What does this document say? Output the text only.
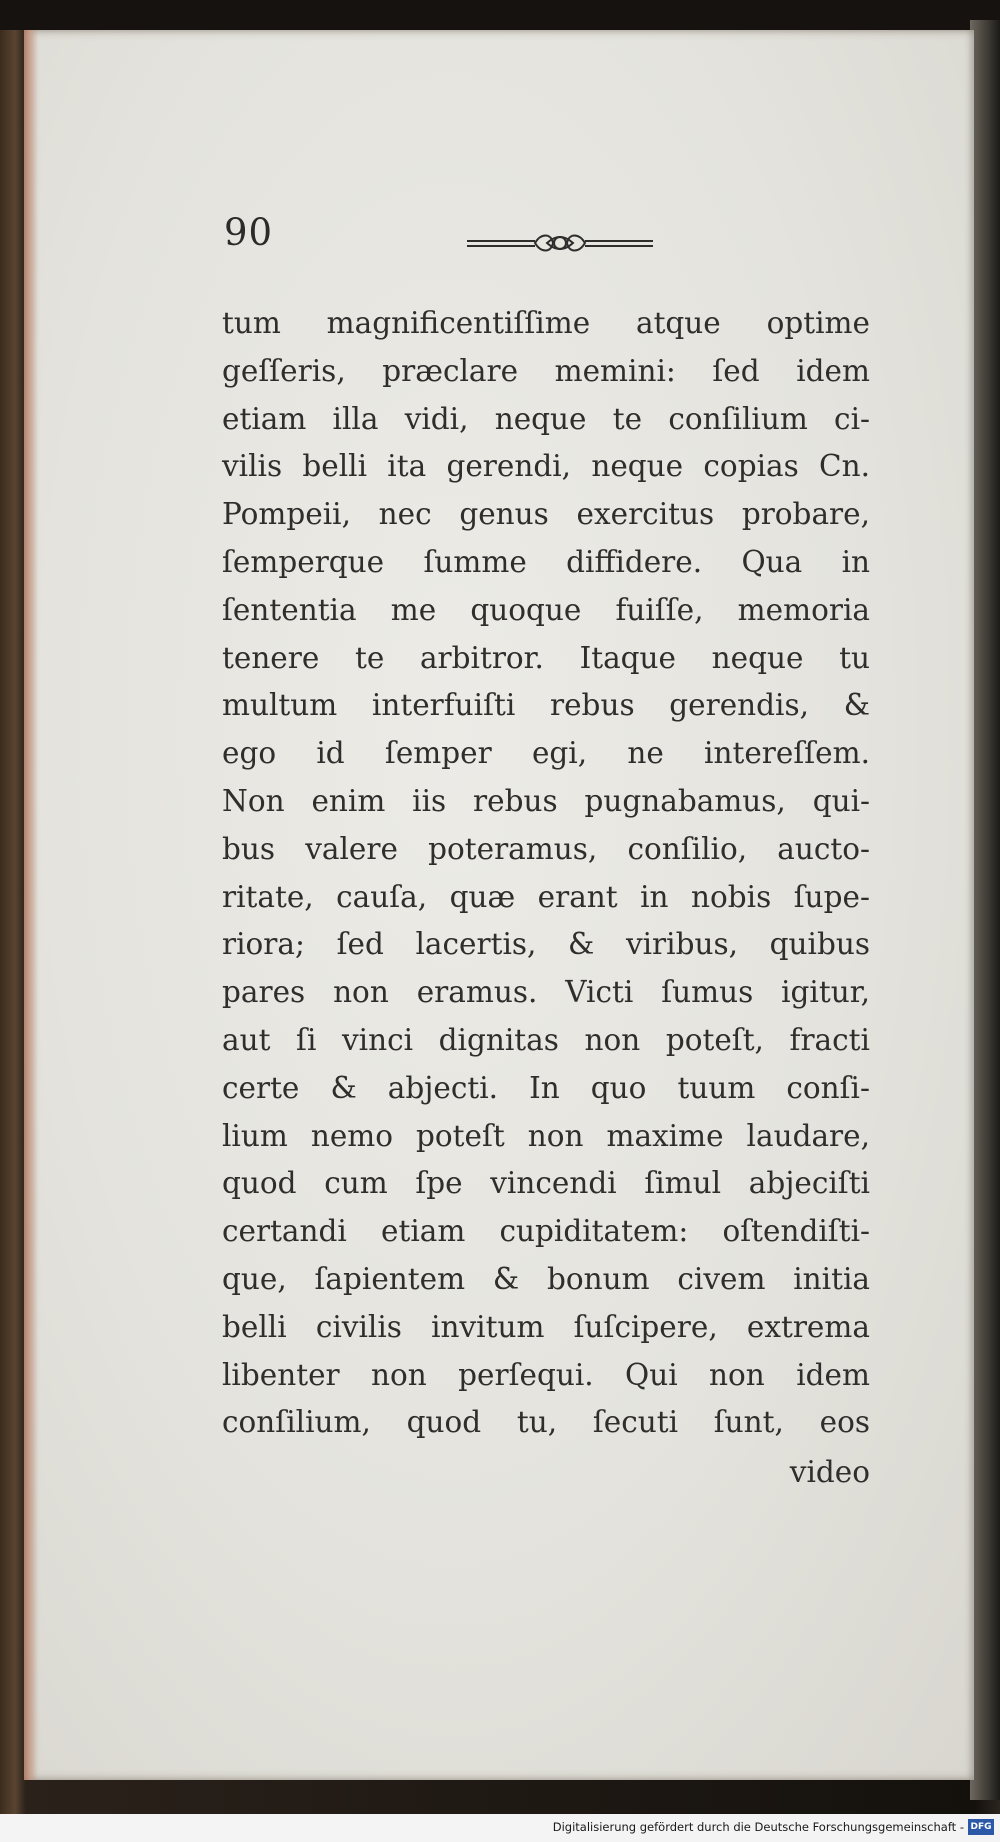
90
tum magnificentiſſime atque optime
geſſeris, præclare memini: ſed idem
etiam illa vidi, neque te conſilium ci-
vilis belli ita gerendi, neque copias Cn.
Pompeii, nec genus exercitus probare,
ſemperque ſumme diffidere. Qua in
ſententia me quoque fuiſſe, memoria
tenere te arbitror. Itaque neque tu
multum interfuiſti rebus gerendis, &
ego id ſemper egi, ne intereſſem.
Non enim iis rebus pugnabamus, qui-
bus valere poteramus, conſilio, aucto-
ritate, cauſa, quæ erant in nobis ſupe-
riora; ſed lacertis, & viribus, quibus
pares non eramus. Victi ſumus igitur,
aut ſi vinci dignitas non poteſt, fracti
certe & abjecti. In quo tuum conſi-
lium nemo poteſt non maxime laudare,
quod cum ſpe vincendi ſimul abjeciſti
certandi etiam cupiditatem: oſtendiſti-
que, ſapientem & bonum civem initia
belli civilis invitum ſuſcipere, extrema
libenter non perſequi. Qui non idem
conſilium, quod tu, ſecuti ſunt, eos
video
Digitalisierung gefördert durch die Deutsche Forschungsgemeinschaft - DFG
